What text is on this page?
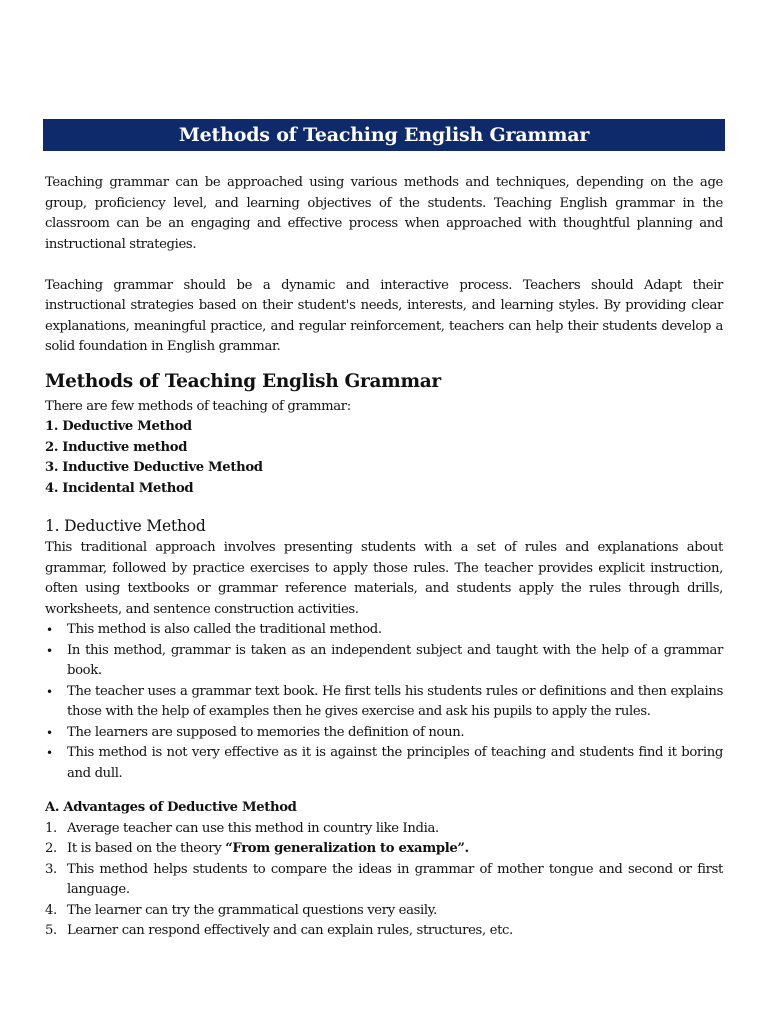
Methods of Teaching English Grammar

Teaching grammar can be approached using various methods and techniques, depending on the age group, proficiency level, and learning objectives of the students. Teaching English grammar in the classroom can be an engaging and effective process when approached with thoughtful planning and instructional strategies.

Teaching grammar should be a dynamic and interactive process. Teachers should Adapt their instructional strategies based on their student's needs, interests, and learning styles. By providing clear explanations, meaningful practice, and regular reinforcement, teachers can help their students develop a solid foundation in English grammar.

Methods of Teaching English Grammar

There are few methods of teaching of grammar:

1. Deductive Method
2. Inductive method
3. Inductive Deductive Method
4. Incidental Method
1. Deductive Method

This traditional approach involves presenting students with a set of rules and explanations about grammar, followed by practice exercises to apply those rules. The teacher provides explicit instruction, often using textbooks or grammar reference materials, and students apply the rules through drills, worksheets, and sentence construction activities.

• This method is also called the traditional method.
• In this method, grammar is taken as an independent subject and taught with the help of a grammar book.
• The teacher uses a grammar text book. He first tells his students rules or definitions and then explains those with the help of examples then he gives exercise and ask his pupils to apply the rules.
• The learners are supposed to memories the definition of noun.
• This method is not very effective as it is against the principles of teaching and students find it boring and dull.
A. Advantages of Deductive Method
1. Average teacher can use this method in country like India.
2. It is based on the theory “From generalization to example”.
3. This method helps students to compare the ideas in grammar of mother tongue and second or first language.
4. The learner can try the grammatical questions very easily.
5. Learner can respond effectively and can explain rules, structures, etc.
